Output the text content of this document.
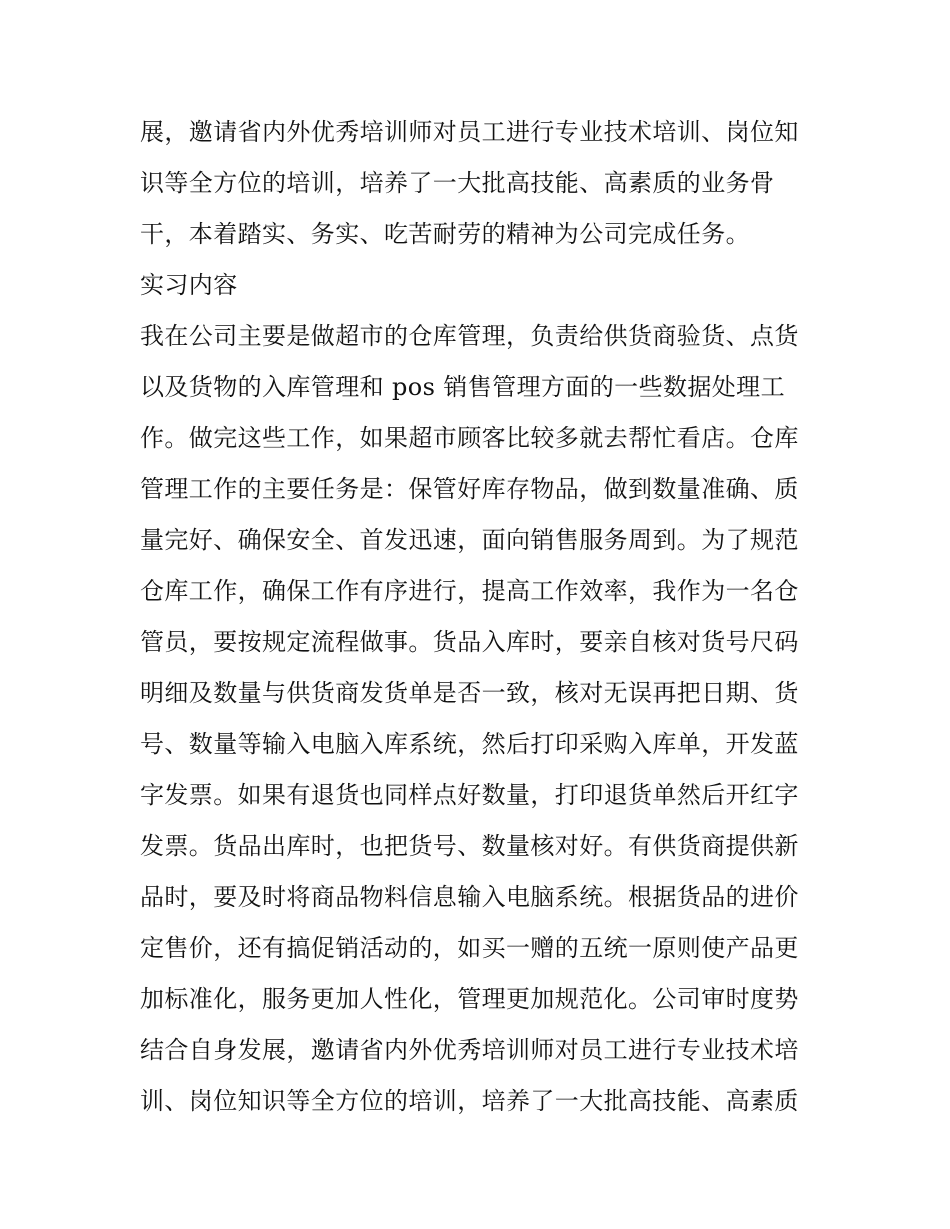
展，邀请省内外优秀培训师对员工进行专业技术培训、岗位知
识等全方位的培训，培养了一大批高技能、高素质的业务骨
干，本着踏实、务实、吃苦耐劳的精神为公司完成任务。
实习内容
我在公司主要是做超市的仓库管理，负责给供货商验货、点货
以及货物的入库管理和 pos 销售管理方面的一些数据处理工
作。做完这些工作，如果超市顾客比较多就去帮忙看店。仓库
管理工作的主要任务是：保管好库存物品，做到数量准确、质
量完好、确保安全、首发迅速，面向销售服务周到。为了规范
仓库工作，确保工作有序进行，提高工作效率，我作为一名仓
管员，要按规定流程做事。货品入库时，要亲自核对货号尺码
明细及数量与供货商发货单是否一致，核对无误再把日期、货
号、数量等输入电脑入库系统，然后打印采购入库单，开发蓝
字发票。如果有退货也同样点好数量，打印退货单然后开红字
发票。货品出库时，也把货号、数量核对好。有供货商提供新
品时，要及时将商品物料信息输入电脑系统。根据货品的进价
定售价，还有搞促销活动的，如买一赠的五统一原则使产品更
加标准化，服务更加人性化，管理更加规范化。公司审时度势
结合自身发展，邀请省内外优秀培训师对员工进行专业技术培
训、岗位知识等全方位的培训，培养了一大批高技能、高素质
